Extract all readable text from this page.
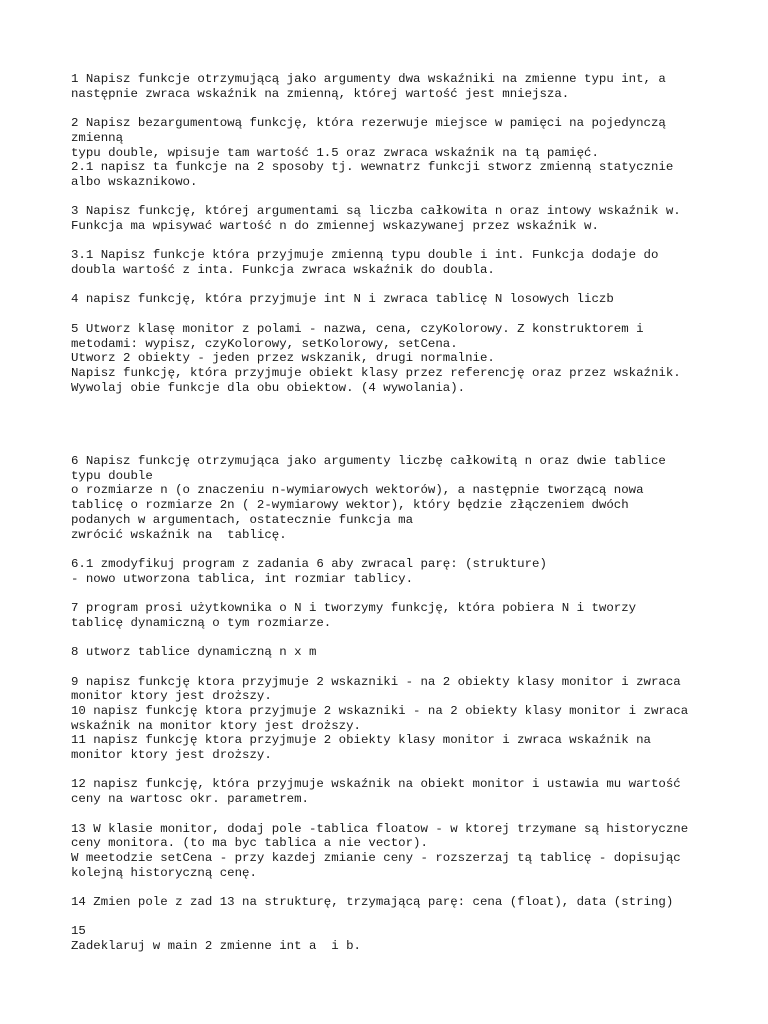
1 Napisz funkcje otrzymującą jako argumenty dwa wskaźniki na zmienne typu int, a
następnie zwraca wskaźnik na zmienną, której wartość jest mniejsza.
2 Napisz bezargumentową funkcję, która rezerwuje miejsce w pamięci na pojedynczą
zmienną
typu double, wpisuje tam wartość 1.5 oraz zwraca wskaźnik na tą pamięć.
2.1 napisz ta funkcje na 2 sposoby tj. wewnatrz funkcji stworz zmienną statycznie
albo wskaznikowo.
3 Napisz funkcję, której argumentami są liczba całkowita n oraz intowy wskaźnik w.
Funkcja ma wpisywać wartość n do zmiennej wskazywanej przez wskaźnik w.
3.1 Napisz funkcje która przyjmuje zmienną typu double i int. Funkcja dodaje do
doubla wartość z inta. Funkcja zwraca wskaźnik do doubla.
4 napisz funkcję, która przyjmuje int N i zwraca tablicę N losowych liczb
5 Utworz klasę monitor z polami - nazwa, cena, czyKolorowy. Z konstruktorem i
metodami: wypisz, czyKolorowy, setKolorowy, setCena.
Utworz 2 obiekty - jeden przez wskzanik, drugi normalnie.
Napisz funkcję, która przyjmuje obiekt klasy przez referencję oraz przez wskaźnik.
Wywolaj obie funkcje dla obu obiektow. (4 wywolania).
6 Napisz funkcję otrzymująca jako argumenty liczbę całkowitą n oraz dwie tablice
typu double
o rozmiarze n (o znaczeniu n-wymiarowych wektorów), a następnie tworzącą nowa
tablicę o rozmiarze 2n ( 2-wymiarowy wektor), który będzie złączeniem dwóch
podanych w argumentach, ostatecznie funkcja ma
zwrócić wskaźnik na  tablicę.
6.1 zmodyfikuj program z zadania 6 aby zwracal parę: (strukture)
- nowo utworzona tablica, int rozmiar tablicy.
7 program prosi użytkownika o N i tworzymy funkcję, która pobiera N i tworzy
tablicę dynamiczną o tym rozmiarze.
8 utworz tablice dynamiczną n x m
9 napisz funkcję ktora przyjmuje 2 wskazniki - na 2 obiekty klasy monitor i zwraca
monitor ktory jest droższy.
10 napisz funkcję ktora przyjmuje 2 wskazniki - na 2 obiekty klasy monitor i zwraca
wskaźnik na monitor ktory jest droższy.
11 napisz funkcję ktora przyjmuje 2 obiekty klasy monitor i zwraca wskaźnik na
monitor ktory jest droższy.
12 napisz funkcję, która przyjmuje wskaźnik na obiekt monitor i ustawia mu wartość
ceny na wartosc okr. parametrem.
13 W klasie monitor, dodaj pole -tablica floatow - w ktorej trzymane są historyczne
ceny monitora. (to ma byc tablica a nie vector).
W meetodzie setCena - przy kazdej zmianie ceny - rozszerzaj tą tablicę - dopisując
kolejną historyczną cenę.
14 Zmien pole z zad 13 na strukturę, trzymającą parę: cena (float), data (string)
15
Zadeklaruj w main 2 zmienne int a  i b.
